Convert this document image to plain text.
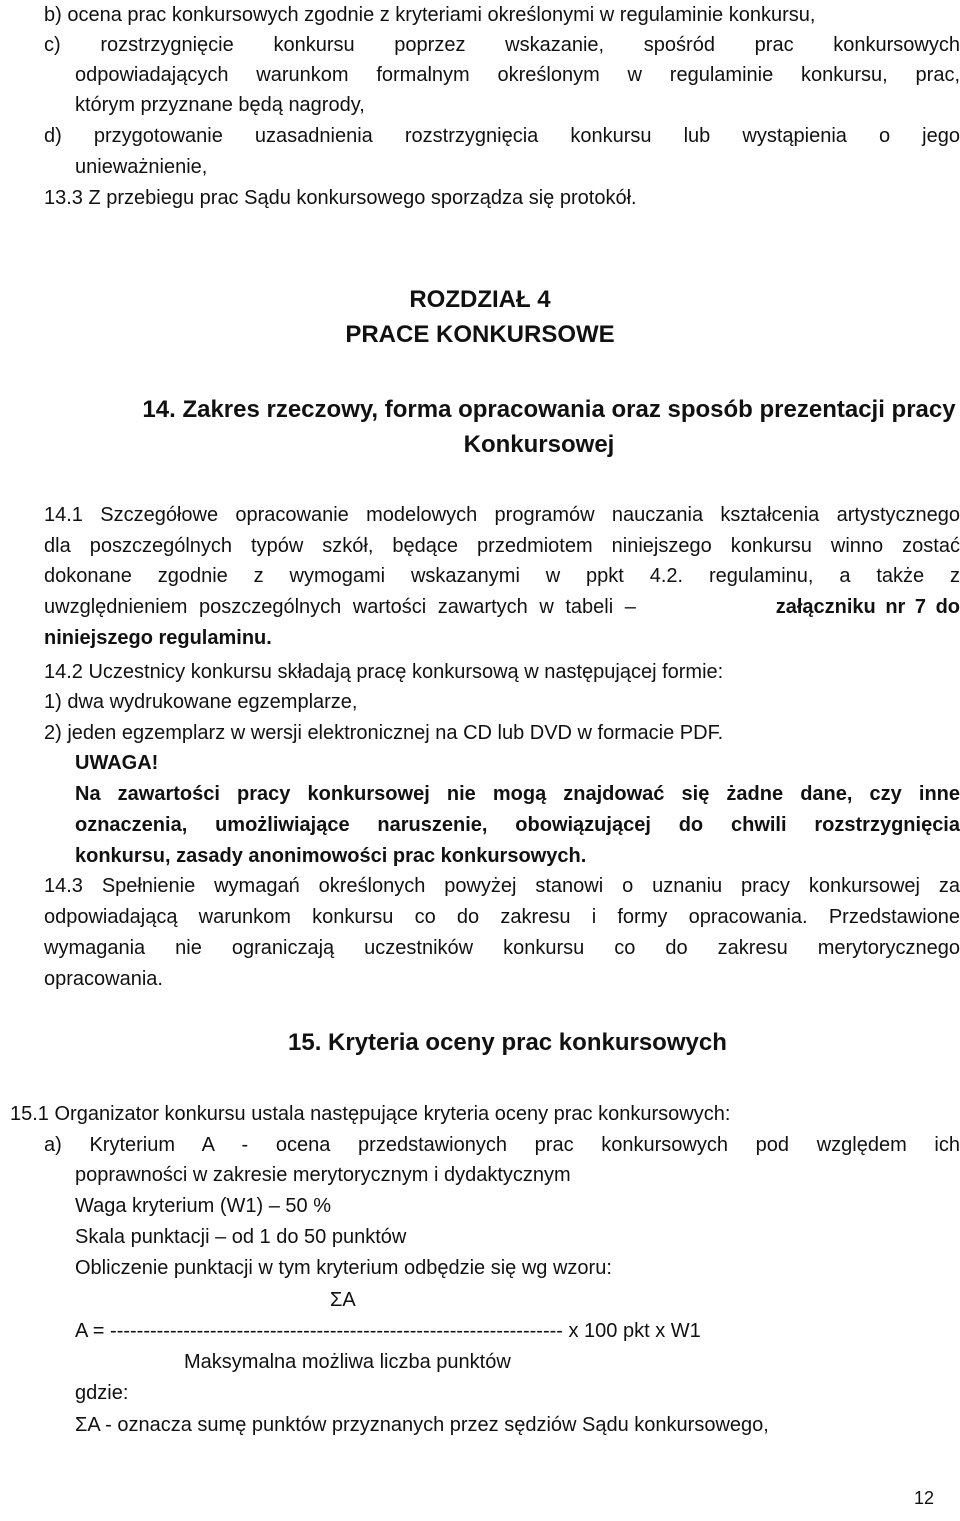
b) ocena prac konkursowych zgodnie z kryteriami określonymi w regulaminie konkursu,
c) rozstrzygnięcie konkursu poprzez wskazanie, spośród prac konkursowych
odpowiadających warunkom formalnym określonym w regulaminie konkursu, prac,
którym przyznane będą nagrody,
d) przygotowanie uzasadnienia rozstrzygnięcia konkursu lub wystąpienia o jego
unieważnienie,
13.3 Z przebiegu prac Sądu konkursowego sporządza się protokół.
ROZDZIAŁ 4
PRACE KONKURSOWE
14. Zakres rzeczowy, forma opracowania oraz sposób prezentacji pracy
Konkursowej
14.1 Szczegółowe opracowanie modelowych programów nauczania kształcenia artystycznego
dla poszczególnych typów szkół, będące przedmiotem niniejszego konkursu winno zostać
dokonane zgodnie z wymogami wskazanymi w ppkt 4.2. regulaminu, a także z
uwzględnieniem poszczególnych wartości zawartych w tabeli –	załączniku nr 7 do
niniejszego regulaminu.
14.2 Uczestnicy konkursu składają pracę konkursową w następującej formie:
1) dwa wydrukowane egzemplarze,
2) jeden egzemplarz w wersji elektronicznej na CD lub DVD w formacie PDF.
UWAGA!
Na zawartości pracy konkursowej nie mogą znajdować się żadne dane, czy inne
oznaczenia, umożliwiające naruszenie, obowiązującej do chwili rozstrzygnięcia
konkursu, zasady anonimowości prac konkursowych.
14.3 Spełnienie wymagań określonych powyżej stanowi o uznaniu pracy konkursowej za
odpowiadającą warunkom konkursu co do zakresu i formy opracowania. Przedstawione
wymagania nie ograniczają uczestników konkursu co do zakresu merytorycznego
opracowania.
15. Kryteria oceny prac konkursowych
15.1 Organizator konkursu ustala następujące kryteria oceny prac konkursowych:
a) Kryterium A - ocena przedstawionych prac konkursowych pod względem ich
poprawności w zakresie merytorycznym i dydaktycznym
Waga kryterium (W1) – 50 %
Skala punktacji – od 1 do 50 punktów
Obliczenie punktacji w tym kryterium odbędzie się wg wzoru:
ΣA
A = -------------------------------------------------------------------- x 100 pkt x W1
Maksymalna możliwa liczba punktów
gdzie:
ΣA - oznacza sumę punktów przyznanych przez sędziów Sądu konkursowego,
12
